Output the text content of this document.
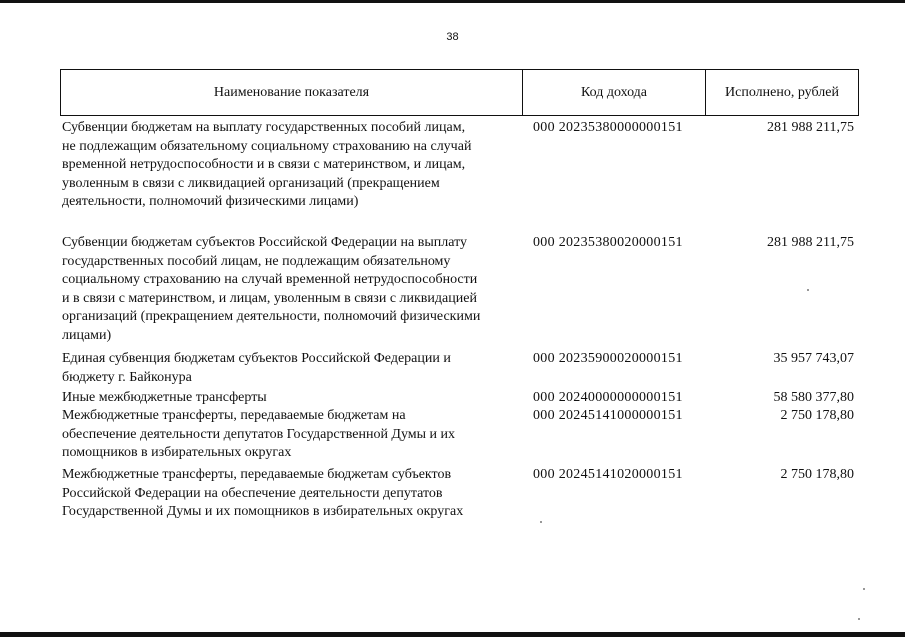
38
Наименование показателя	Код дохода	Исполнено, рублей
Субвенции бюджетам на выплату государственных пособий лицам,
не подлежащим обязательному социальному страхованию на случай
временной нетрудоспособности и в связи с материнством, и лицам,
уволенным в связи с ликвидацией организаций (прекращением
деятельности, полномочий физическими лицами)
000 20235380000000151	281 988 211,75
Субвенции бюджетам субъектов Российской Федерации на выплату
государственных пособий лицам, не подлежащим обязательному
социальному страхованию на случай временной нетрудоспособности
и в связи с материнством, и лицам, уволенным в связи с ликвидацией
организаций (прекращением деятельности, полномочий физическими
лицами)
000 20235380020000151	281 988 211,75
Единая субвенция бюджетам субъектов Российской Федерации и
бюджету г. Байконура
000 20235900020000151	35 957 743,07
Иные межбюджетные трансферты	000 20240000000000151	58 580 377,80
Межбюджетные трансферты, передаваемые бюджетам на
обеспечение деятельности депутатов Государственной Думы и их
помощников в избирательных округах
000 20245141000000151	2 750 178,80
Межбюджетные трансферты, передаваемые бюджетам субъектов
Российской Федерации на обеспечение деятельности депутатов
Государственной Думы и их помощников в избирательных округах
000 20245141020000151	2 750 178,80
